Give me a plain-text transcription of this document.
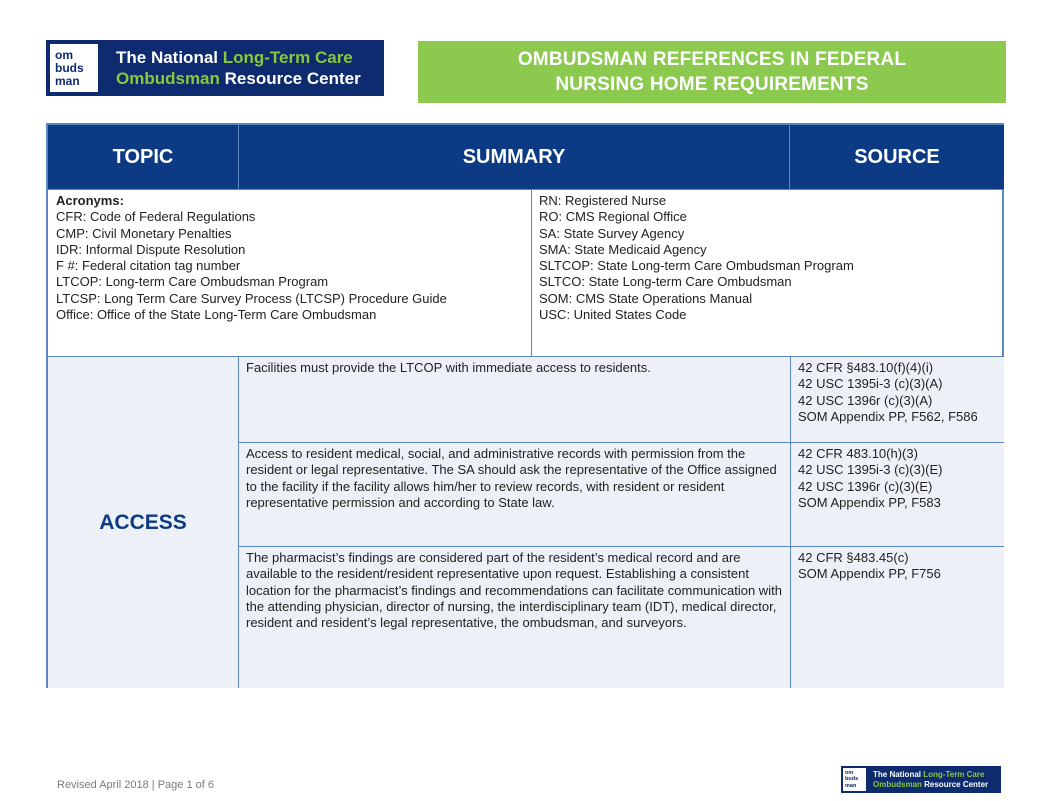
om
buds
man
The National Long-Term Care
Ombudsman Resource Center
OMBUDSMAN REFERENCES IN FEDERAL
NURSING HOME REQUIREMENTS
TOPIC	SUMMARY	SOURCE
Acronyms:
CFR: Code of Federal Regulations
CMP: Civil Monetary Penalties
IDR: Informal Dispute Resolution
F #: Federal citation tag number
LTCOP: Long-term Care Ombudsman Program
LTCSP: Long Term Care Survey Process (LTCSP) Procedure Guide
Office: Office of the State Long-Term Care Ombudsman
RN: Registered Nurse
RO: CMS Regional Office
SA: State Survey Agency
SMA: State Medicaid Agency
SLTCOP: State Long-term Care Ombudsman Program
SLTCO: State Long-term Care Ombudsman
SOM: CMS State Operations Manual
USC: United States Code
ACCESS
Facilities must provide the LTCOP with immediate access to residents.	42 CFR §483.10(f)(4)(i)
42 USC 1395i-3 (c)(3)(A)
42 USC 1396r (c)(3)(A)
SOM Appendix PP, F562, F586
Access to resident medical, social, and administrative records with permission from the resident or legal representative. The SA should ask the representative of the Office assigned to the facility if the facility allows him/her to review records, with resident or resident representative permission and according to State law.
42 CFR 483.10(h)(3)
42 USC 1395i-3 (c)(3)(E)
42 USC 1396r (c)(3)(E)
SOM Appendix PP, F583
The pharmacist’s findings are considered part of the resident’s medical record and are available to the resident/resident representative upon request. Establishing a consistent location for the pharmacist’s findings and recommendations can facilitate communication with the attending physician, director of nursing, the interdisciplinary team (IDT), medical director, resident and resident’s legal representative, the ombudsman, and surveyors.
42 CFR §483.45(c)
SOM Appendix PP, F756
Revised April 2018 | Page 1 of 6
om
buds
man
The National Long-Term Care
Ombudsman Resource Center
